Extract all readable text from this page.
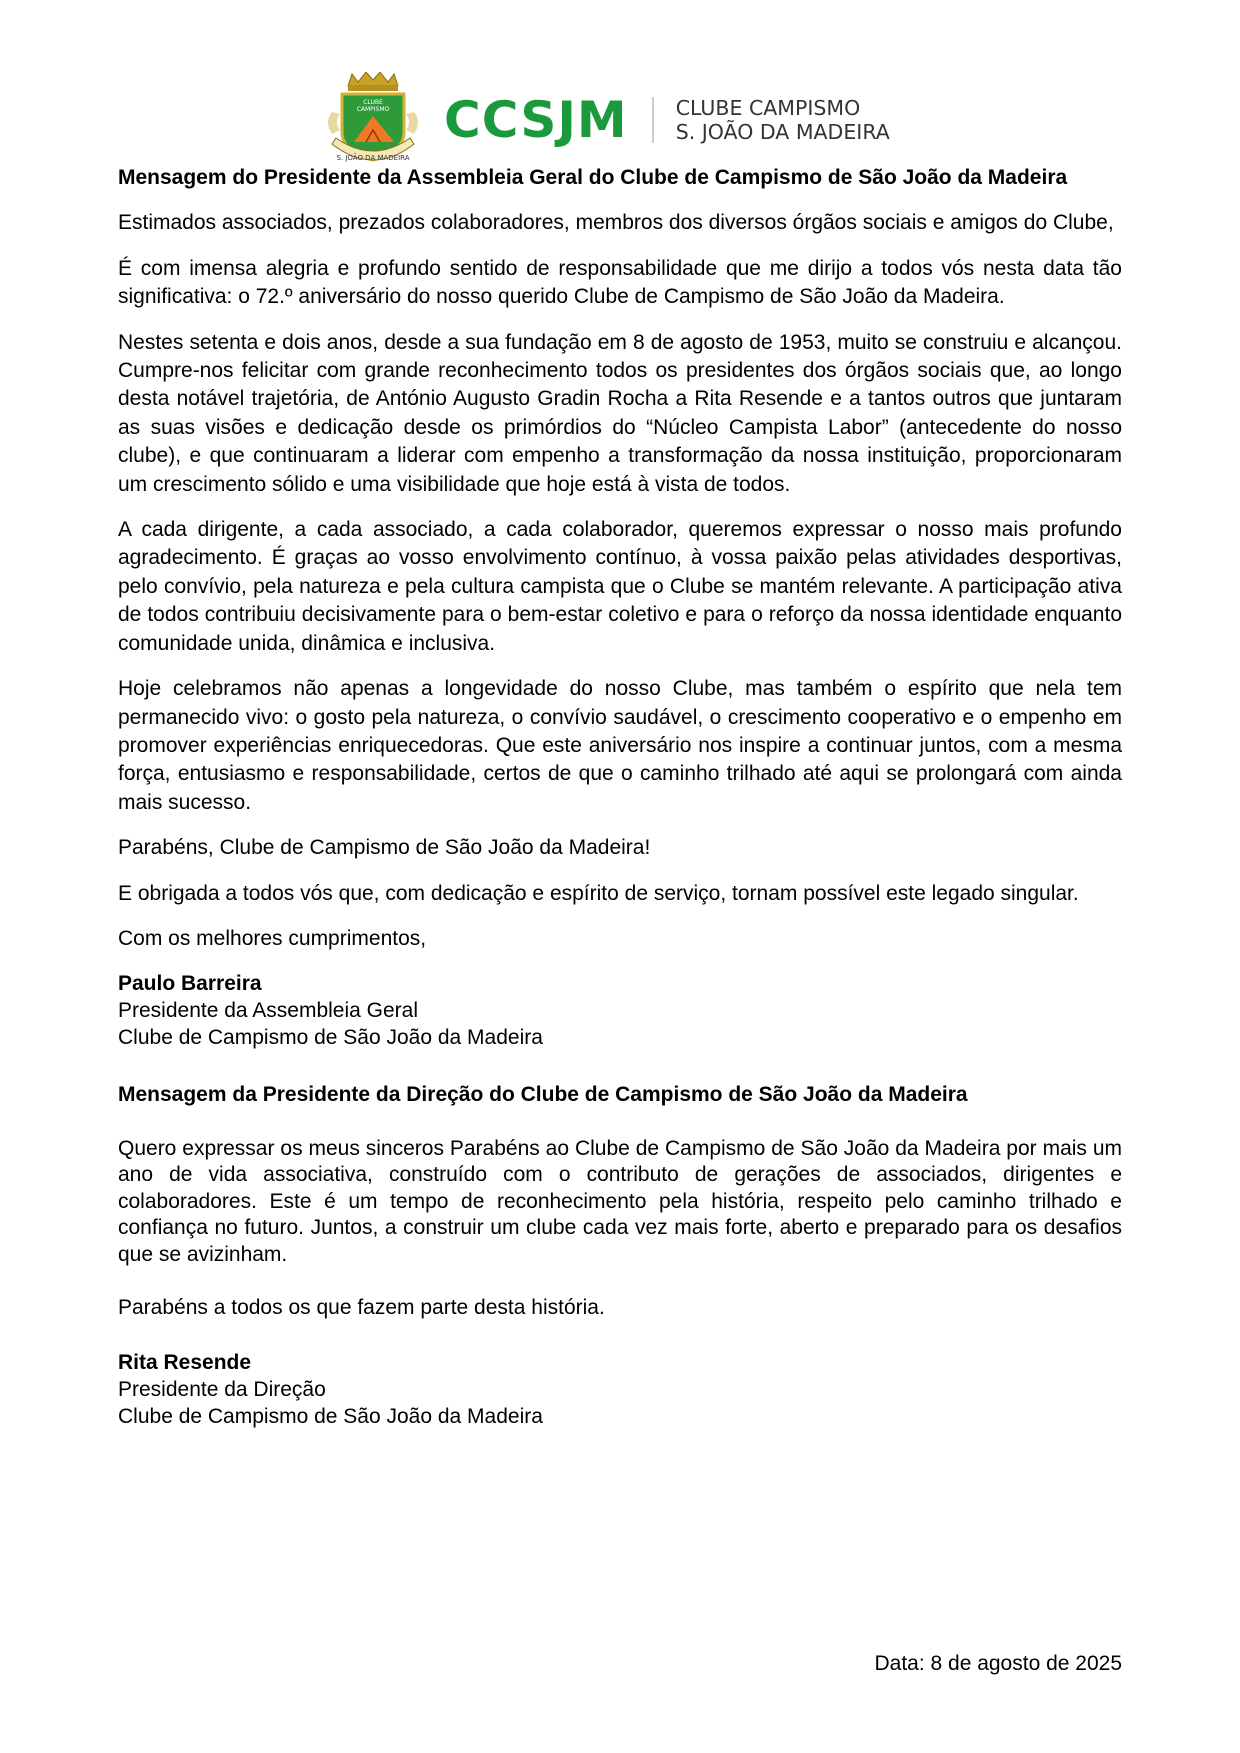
CLUBE
CAMPISMO
S. JOÃO DA MADEIRA
CCSJM CLUBE CAMPISMO
S. JOÃO DA MADEIRA

Mensagem do Presidente da Assembleia Geral do Clube de Campismo de São João da Madeira

Estimados associados, prezados colaboradores, membros dos diversos órgãos sociais e amigos do Clube,

É com imensa alegria e profundo sentido de responsabilidade que me dirijo a todos vós nesta data tão significativa: o 72.º aniversário do nosso querido Clube de Campismo de São João da Madeira.

Nestes setenta e dois anos, desde a sua fundação em 8 de agosto de 1953, muito se construiu e alcançou. Cumpre-nos felicitar com grande reconhecimento todos os presidentes dos órgãos sociais que, ao longo desta notável trajetória, de António Augusto Gradin Rocha a Rita Resende e a tantos outros que juntaram as suas visões e dedicação desde os primórdios do “Núcleo Campista Labor” (antecedente do nosso clube), e que continuaram a liderar com empenho a transformação da nossa instituição, proporcionaram um crescimento sólido e uma visibilidade que hoje está à vista de todos.

A cada dirigente, a cada associado, a cada colaborador, queremos expressar o nosso mais profundo agradecimento. É graças ao vosso envolvimento contínuo, à vossa paixão pelas atividades desportivas, pelo convívio, pela natureza e pela cultura campista que o Clube se mantém relevante. A participação ativa de todos contribuiu decisivamente para o bem-estar coletivo e para o reforço da nossa identidade enquanto comunidade unida, dinâmica e inclusiva.

Hoje celebramos não apenas a longevidade do nosso Clube, mas também o espírito que nela tem permanecido vivo: o gosto pela natureza, o convívio saudável, o crescimento cooperativo e o empenho em promover experiências enriquecedoras. Que este aniversário nos inspire a continuar juntos, com a mesma força, entusiasmo e responsabilidade, certos de que o caminho trilhado até aqui se prolongará com ainda mais sucesso.

Parabéns, Clube de Campismo de São João da Madeira!

E obrigada a todos vós que, com dedicação e espírito de serviço, tornam possível este legado singular.

Com os melhores cumprimentos,

Paulo Barreira
Presidente da Assembleia Geral
Clube de Campismo de São João da Madeira

Mensagem da Presidente da Direção do Clube de Campismo de São João da Madeira

Quero expressar os meus sinceros Parabéns ao Clube de Campismo de São João da Madeira por mais um ano de vida associativa, construído com o contributo de gerações de associados, dirigentes e colaboradores. Este é um tempo de reconhecimento pela história, respeito pelo caminho trilhado e confiança no futuro. Juntos, a construir um clube cada vez mais forte, aberto e preparado para os desafios que se avizinham.

Parabéns a todos os que fazem parte desta história.

Rita Resende
Presidente da Direção
Clube de Campismo de São João da Madeira
Data: 8 de agosto de 2025
